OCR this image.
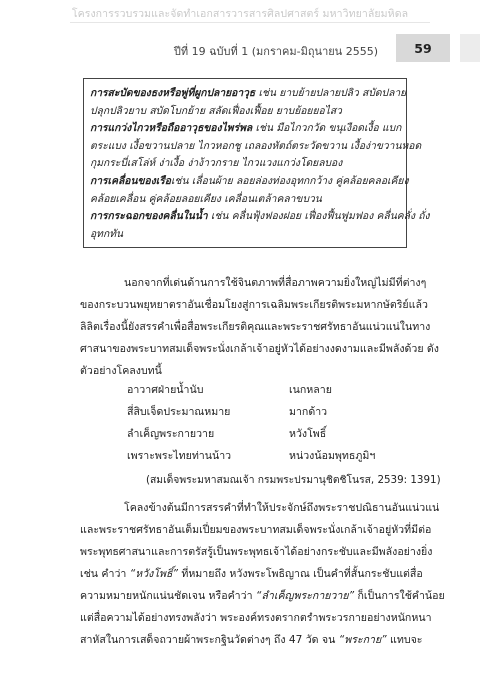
โครงการรวบรวมและจัดทำเอกสารวารสารศิลปศาสตร์ มหาวิทยาลัยมหิดล
ปีที่ 19 ฉบับที่ 1 (มกราคม-มิถุนายน 2555)	59

การสะบัดของธงหรือพู่ที่ผูกปลายอาวุธ เช่น ยาบย้ายปลายปลิว สบัดปลาย

ปลุกปลิวยาบ สบัดโบกย้าย สลัดเฟื่องเฟื้อย ยาบย้อยยอไสว

การแกว่งไกวหรือถืออาวุธของไพร่พล เช่น มือไกวกวัด ขนุเงือดเงื้อ แบก

ตระแบง เงื้อขวานปลาย ไกวหอกชู เถลองหัตถ์ตระวัดขวาน เงื้อง่าขวานหอด

กุมกระบี่เสโล่ห์ ง่าเงื้อ ง่าง้าวกราย ไกวแวงแกว่งโดยลบอง

การเคลื่อนของเรือเช่น เลื่อนผ้าย ลอยล่องท่องอุทกกว้าง คู่คล้อยคลอเคียง

คล้อยเคลื่อน คู่คล้อยลอยเคียง เคลื่อนเตล้าคลาขบวน

การกระฉอกของคลื่นในน้ำ เช่น คลื่นฟุ้งฟองฝอย เฟื่องฟื้นฟูมฟอง คลื่นคลั่ง ถั่ง

อุทกทัน

นอกจากที่เด่นด้านการใช้จินตภาพที่สื่อภาพความยิ่งใหญ่ไม่มีที่ต่างๆ
ของกระบวนพยุหยาตราอันเชื่อมโยงสู่การเฉลิมพระเกียรติพระมหากษัตริย์แล้ว
ลิลิตเรื่องนี้ยังสรรคำเพื่อสื่อพระเกียรติคุณและพระราชศรัทธาอันแน่วแน่ในทาง
ศาสนาของพระบาทสมเด็จพระนั่งเกล้าเจ้าอยู่หัวได้อย่างงดงามและมีพลังด้วย ดัง
ตัวอย่างโคลงบทนี้
อาวาศฝ่ายน้ำนับ	เนกหลาย
สี่สิบเจ็ดประมาณหมาย	มากด้าว
ลำเค็ญพระกายวาย	หวังโพธิ์
เพราะพระไทยท่านน้าว	หน่วงน้อมพุทธภูมิฯ
(สมเด็จพระมหาสมณเจ้า กรมพระปรมานุชิตชิโนรส, 2539: 1391)
โคลงข้างต้นมีการสรรคำที่ทำให้ประจักษ์ถึงพระราชปณิธานอันแน่วแน่
และพระราชศรัทธาอันเต็มเปี่ยมของพระบาทสมเด็จพระนั่งเกล้าเจ้าอยู่หัวที่มีต่อ
พระพุทธศาสนาและการตรัสรู้เป็นพระพุทธเจ้าได้อย่างกระชับและมีพลังอย่างยิ่ง
เช่น คำว่า “หวังโพธิ์” ที่หมายถึง หวังพระโพธิญาณ เป็นคำที่สั้นกระชับแต่สื่อ
ความหมายหนักแน่นชัดเจน หรือคำว่า “ลำเค็ญพระกายวาย” ก็เป็นการใช้คำน้อย
แต่สื่อความได้อย่างทรงพลังว่า พระองค์ทรงตรากตรำพระวรกายอย่างหนักหนา
สาหัสในการเสด็จถวายผ้าพระกฐินวัดต่างๆ ถึง 47 วัด จน “พระกาย” แทบจะ
